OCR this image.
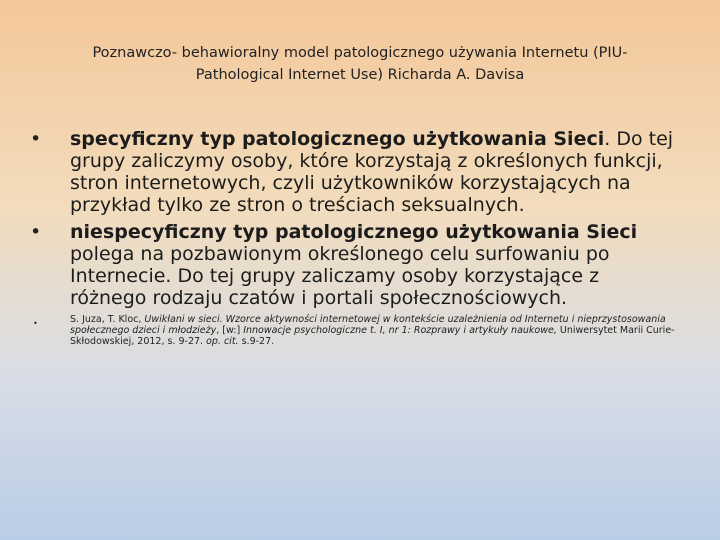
Poznawczo- behawioralny model patologicznego używania Internetu (PIU-
Pathological Internet Use) Richarda A. Davisa
• specyficzny typ patologicznego użytkowania Sieci. Do tej grupy zaliczymy osoby, które korzystają z określonych funkcji, stron internetowych, czyli użytkowników korzystających na przykład tylko ze stron o treściach seksualnych.
• niespecyficzny typ patologicznego użytkowania Sieci polega na pozbawionym określonego celu surfowaniu po Internecie. Do tej grupy zaliczamy osoby korzystające z różnego rodzaju czatów i portali społecznościowych.
•	S. Juza, T. Kloc, Uwikłani w sieci. Wzorce aktywności internetowej w kontekście uzależnienia od Internetu i nieprzystosowania społecznego dzieci i młodzieży, [w:] Innowacje psychologiczne t. I, nr 1: Rozprawy i artykuły naukowe, Uniwersytet Marii Curie- Skłodowskiej, 2012, s. 9-27. op. cit. s.9-27.
